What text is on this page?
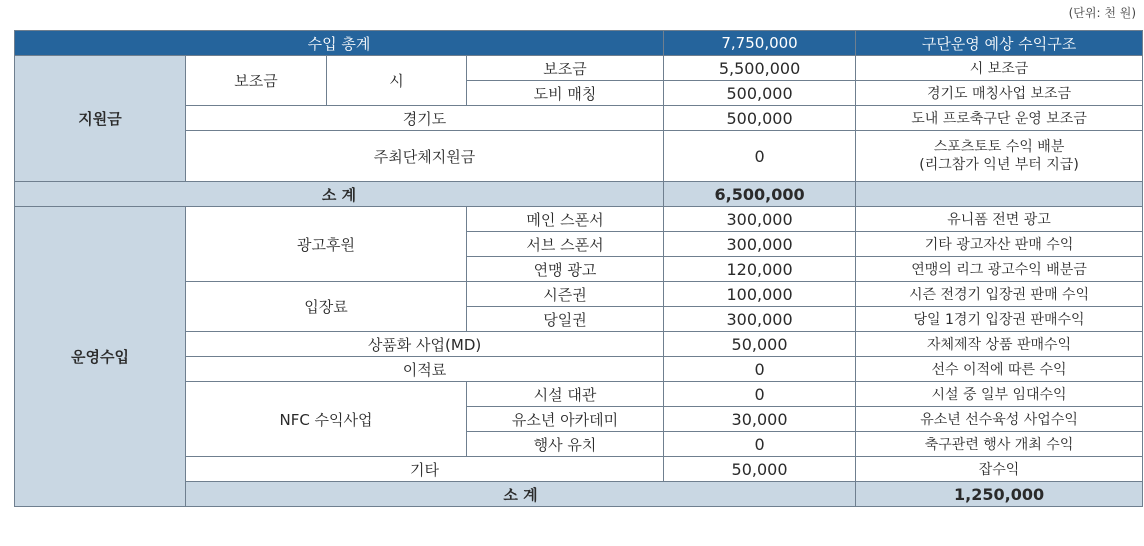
(단위: 천 원)
수입 총계				7,750,000	구단운영 예상 수익구조	
지원금	보조금	시	보조금	5,500,000	시 보조금	
			도비 매칭	500,000	경기도 매칭사업 보조금	
	경기도			500,000	도내 프로축구단 운영 보조금	
	주최단체지원금			0	스포츠토토 수익 배분
(리그참가 익년 부터 지급)	

소 계				6,500,000		
운영수입	광고후원		메인 스폰서	300,000	유니폼 전면 광고	
			서브 스폰서	300,000	기타 광고자산 판매 수익	
			연맹 광고	120,000	연맹의 리그 광고수익 배분금	
	입장료		시즌권	100,000	시즌 전경기 입장권 판매 수익	
			당일권	300,000	당일 1경기 입장권 판매수익	
	상품화 사업(MD)			50,000	자체제작 상품 판매수익	
	이적료			0	선수 이적에 따른 수익	
	NFC 수익사업		시설 대관	0	시설 중 일부 임대수익	
			유소년 아카데미	30,000	유소년 선수육성 사업수익	
			행사 유치	0	축구관련 행사 개최 수익	
	기타			50,000	잡수익	
	소 계				1,250,000	
